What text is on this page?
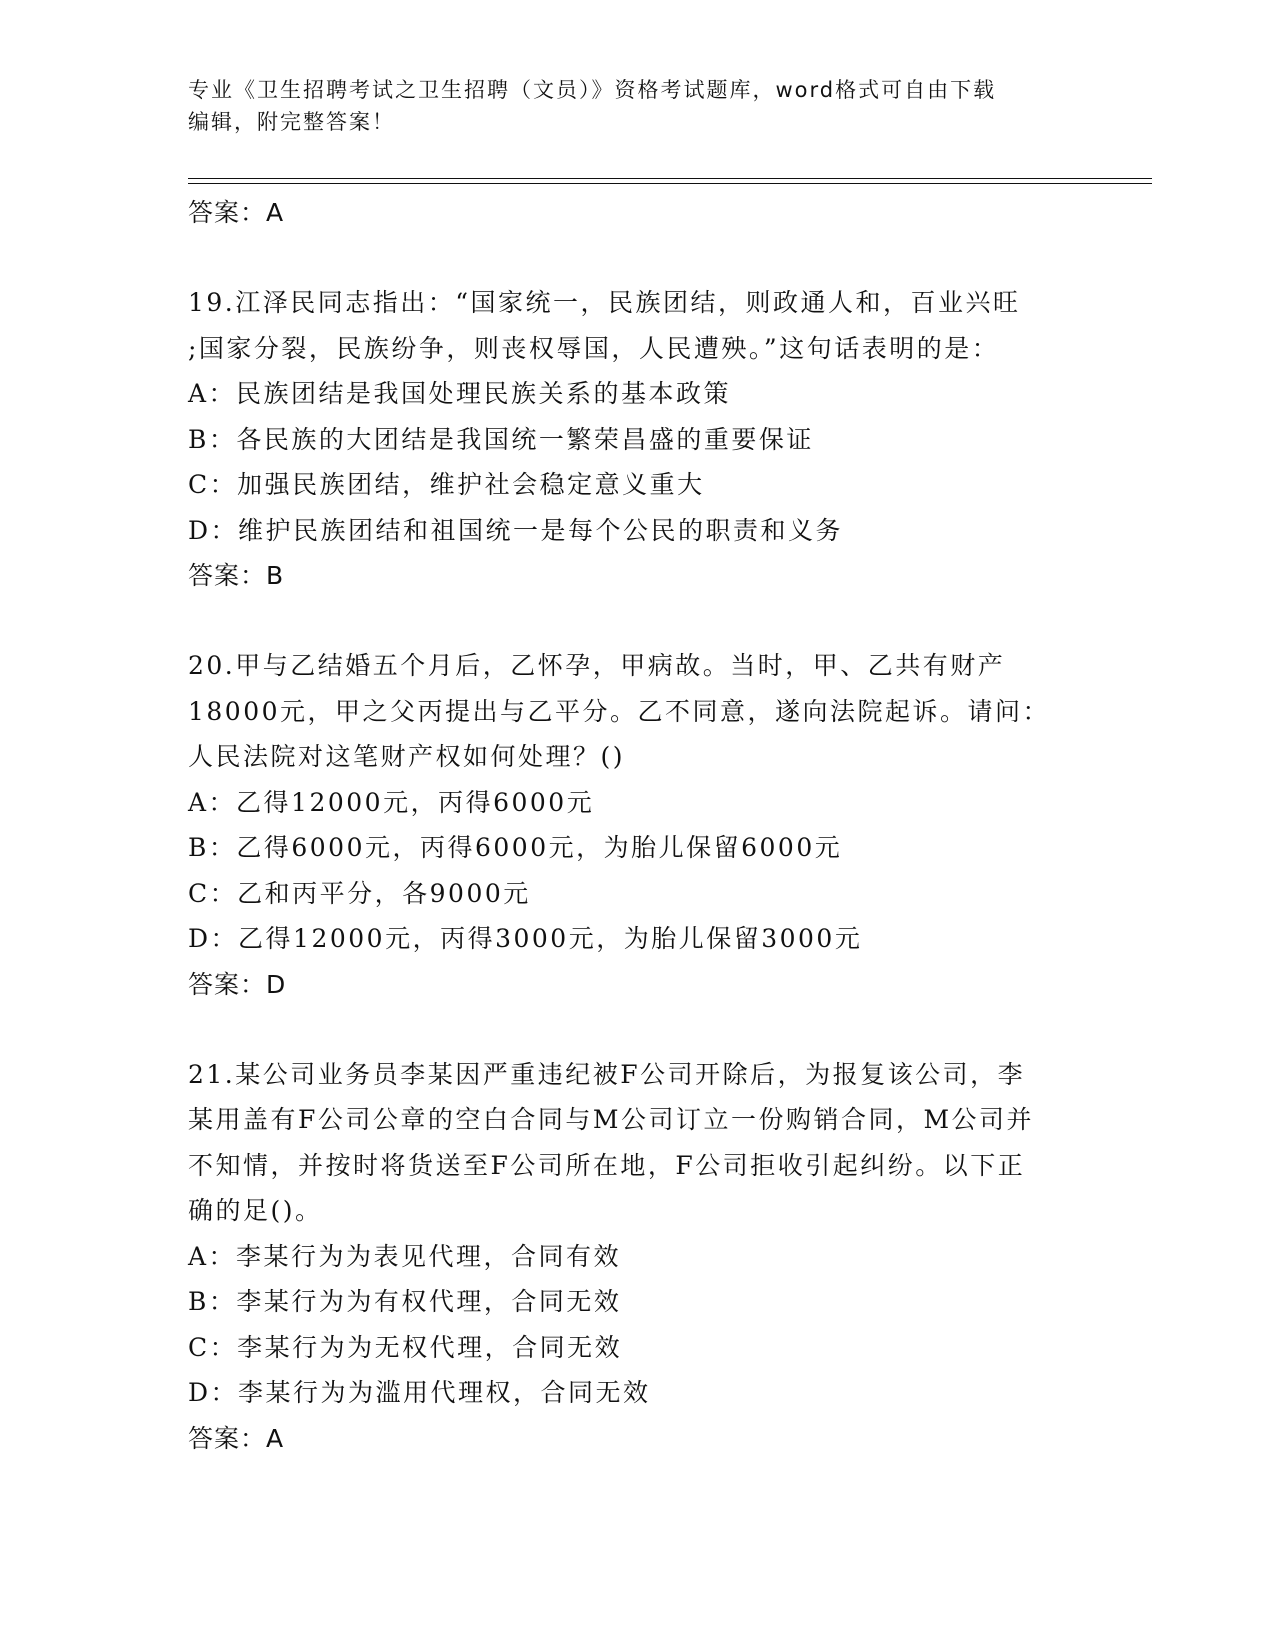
专业《卫生招聘考试之卫生招聘（文员）》资格考试题库，word格式可自由下载
编辑，附完整答案！
答案：A
19.江泽民同志指出：“国家统一，民族团结，则政通人和，百业兴旺
;国家分裂，民族纷争，则丧权辱国，人民遭殃。”这句话表明的是：
A：民族团结是我国处理民族关系的基本政策
B：各民族的大团结是我国统一繁荣昌盛的重要保证
C：加强民族团结，维护社会稳定意义重大
D：维护民族团结和祖国统一是每个公民的职责和义务
答案：B
20.甲与乙结婚五个月后，乙怀孕，甲病故。当时，甲、乙共有财产
18000元，甲之父丙提出与乙平分。乙不同意，遂向法院起诉。请问：
人民法院对这笔财产权如何处理？()
A：乙得12000元，丙得6000元
B：乙得6000元，丙得6000元，为胎儿保留6000元
C：乙和丙平分，各9000元
D：乙得12000元，丙得3000元，为胎儿保留3000元
答案：D
21.某公司业务员李某因严重违纪被F公司开除后，为报复该公司，李
某用盖有F公司公章的空白合同与M公司订立一份购销合同，M公司并
不知情，并按时将货送至F公司所在地，F公司拒收引起纠纷。以下正
确的足()。
A：李某行为为表见代理，合同有效
B：李某行为为有权代理，合同无效
C：李某行为为无权代理，合同无效
D：李某行为为滥用代理权，合同无效
答案：A
